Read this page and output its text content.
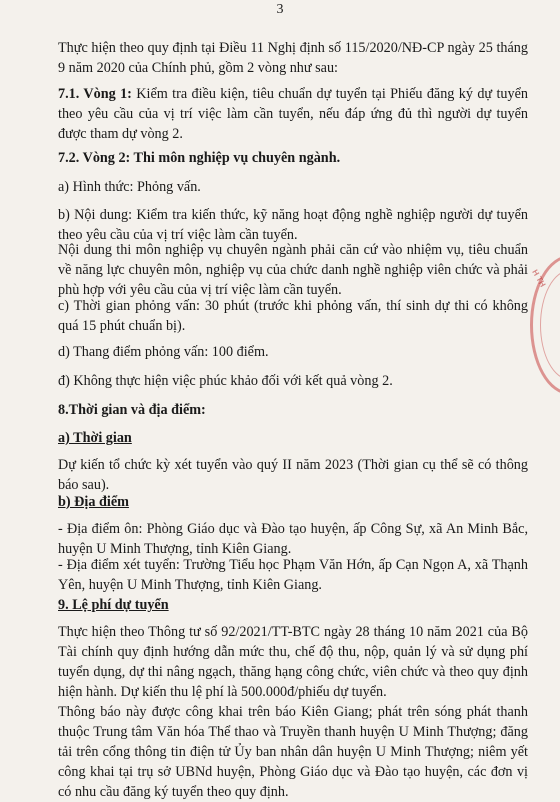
3

Thực hiện theo quy định tại Điều 11 Nghị định số 115/2020/NĐ-CP ngày 25 tháng 9 năm 2020 của Chính phủ, gồm 2 vòng như sau:

7.1. Vòng 1: Kiểm tra điều kiện, tiêu chuẩn dự tuyển tại Phiếu đăng ký dự tuyển theo yêu cầu của vị trí việc làm cần tuyển, nếu đáp ứng đủ thì người dự tuyển được tham dự vòng 2.

7.2. Vòng 2: Thi môn nghiệp vụ chuyên ngành.

a) Hình thức: Phỏng vấn.

b) Nội dung: Kiểm tra kiến thức, kỹ năng hoạt động nghề nghiệp người dự tuyển theo yêu cầu của vị trí việc làm cần tuyển.

Nội dung thi môn nghiệp vụ chuyên ngành phải căn cứ vào nhiệm vụ, tiêu chuẩn về năng lực chuyên môn, nghiệp vụ của chức danh nghề nghiệp viên chức và phải phù hợp với yêu cầu của vị trí việc làm cần tuyển.

c) Thời gian phỏng vấn: 30 phút (trước khi phỏng vấn, thí sinh dự thi có không quá 15 phút chuẩn bị).

d) Thang điểm phỏng vấn: 100 điểm.

đ) Không thực hiện việc phúc khảo đối với kết quả vòng 2.

8.Thời gian và địa điểm:

a) Thời gian

Dự kiến tổ chức kỳ xét tuyển vào quý II năm 2023 (Thời gian cụ thể sẽ có thông báo sau).

b) Địa điểm

- Địa điểm ôn: Phòng Giáo dục và Đào tạo huyện, ấp Công Sự, xã An Minh Bắc, huyện U Minh Thượng, tỉnh Kiên Giang.

- Địa điểm xét tuyển: Trường Tiểu học Phạm Văn Hớn, ấp Cạn Ngọn A, xã Thạnh Yên, huyện U Minh Thượng, tỉnh Kiên Giang.

9. Lệ phí dự tuyển

Thực hiện theo Thông tư số 92/2021/TT-BTC ngày 28 tháng 10 năm 2021 của Bộ Tài chính quy định hướng dẫn mức thu, chế độ thu, nộp, quản lý và sử dụng phí tuyển dụng, dự thi nâng ngạch, thăng hạng công chức, viên chức và theo quy định hiện hành. Dự kiến thu lệ phí là 500.000đ/phiếu dự tuyển.

Thông báo này được công khai trên báo Kiên Giang; phát trên sóng phát thanh thuộc Trung tâm Văn hóa Thể thao và Truyền thanh huyện U Minh Thượng; đăng tải trên cổng thông tin điện tử Ủy ban nhân dân huyện U Minh Thượng; niêm yết công khai tại trụ sở UBNd huyện, Phòng Giáo dục và Đào tạo huyện, các đơn vị có nhu cầu đăng ký tuyển theo quy định.

H TH
